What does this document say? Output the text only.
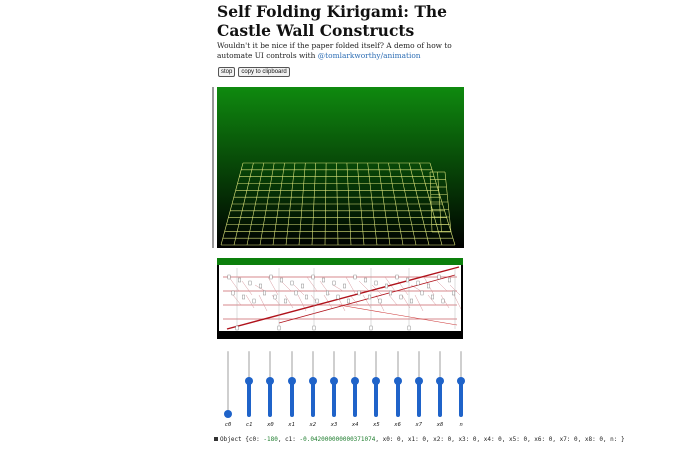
Self Folding Kirigami: The Castle Wall Constructs
Wouldn't it be nice if the paper folded itself? A demo of how to automate UI controls with @tomlarkworthy/animation
stop	copy to clipboard
c0	c1	x0	x1	x2	x3	x4	x5	x6	x7	x8	n
Object {c0: -180, c1: -0.042000000000371074, x0: 0, x1: 0, x2: 0, x3: 0, x4: 0, x5: 0, x6: 0, x7: 0, x8: 0, n: }
